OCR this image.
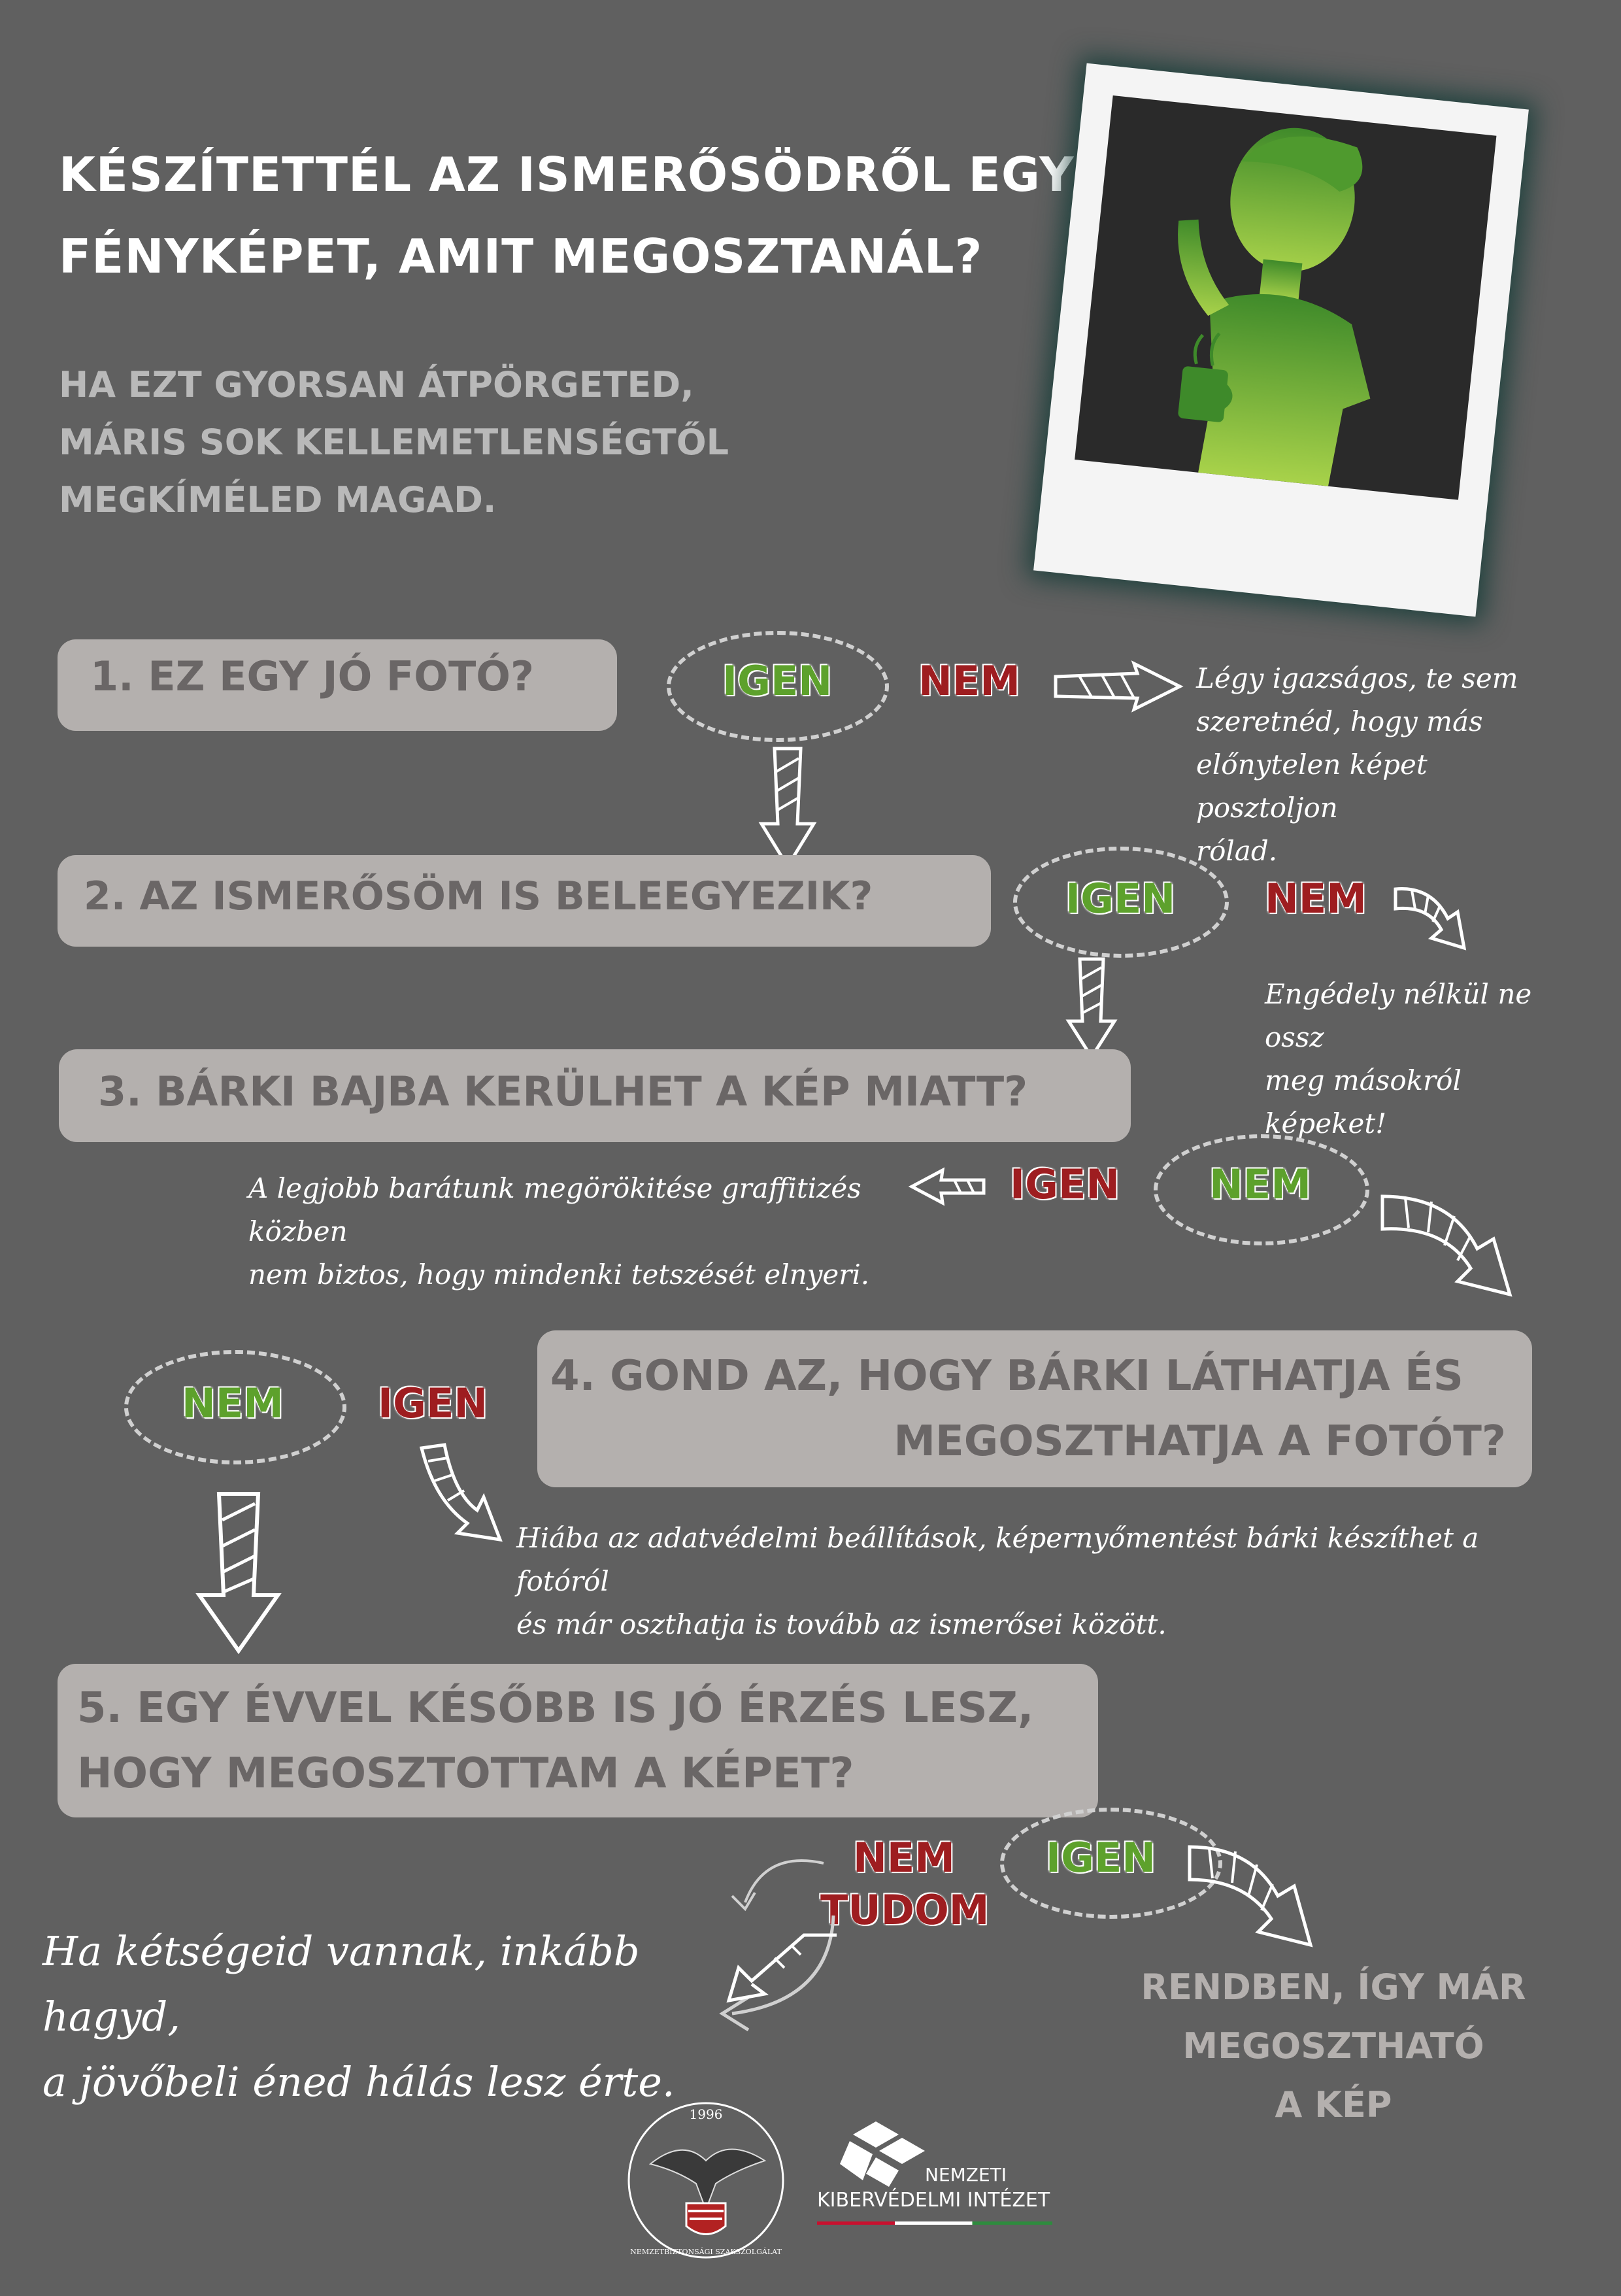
KÉSZÍTETTÉL AZ ISMERŐSÖDRŐL EGY
FÉNYKÉPET, AMIT MEGOSZTANÁL?
HA EZT GYORSAN ÁTPÖRGETED,
MÁRIS SOK KELLEMETLENSÉGTŐL
MEGKÍMÉLED MAGAD.
1. EZ EGY JÓ FOTÓ?	IGEN NEM	Légy igazságos, te sem
szeretnéd, hogy más
előnytelen képet posztoljon
rólad.
2. AZ ISMERŐSÖM IS BELEEGYEZIK?	IGEN NEM
Engédely nélkül ne ossz
meg másokról képeket!
3. BÁRKI BAJBA KERÜLHET A KÉP MIATT?
A legjobb barátunk megörökitése graffitizés közben
nem biztos, hogy mindenki tetszését elnyeri.
IGEN NEM
NEM IGEN
4. GOND AZ, HOGY BÁRKI LÁTHATJA ÉS
MEGOSZTHATJA A FOTÓT?
Hiába az adatvédelmi beállítások, képernyőmentést bárki készíthet a fotóról
és már oszthatja is tovább az ismerősei között.
5. EGY ÉVVEL KÉSŐBB IS JÓ ÉRZÉS LESZ,
HOGY MEGOSZTOTTAM A KÉPET?
NEM
TUDOM
IGEN
Ha kétségeid vannak, inkább hagyd,
a jövőbeli éned hálás lesz érte.
RENDBEN, ÍGY MÁR
MEGOSZTHATÓ
A KÉP
1996
NEMZETBIZTONSÁGI SZAKSZOLGÁLAT
NEMZETI
KIBERVÉDELMI INTÉZET
